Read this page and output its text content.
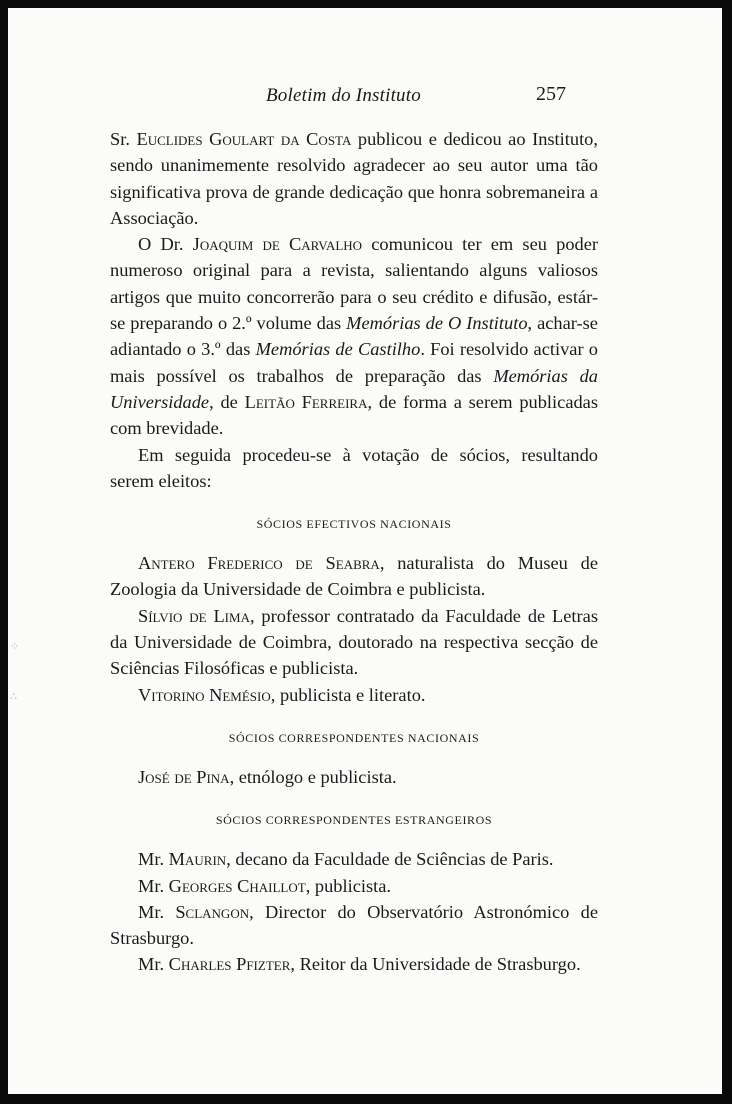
Boletim do Instituto	257
⁘
∴

Sr. Euclides Goulart da Costa publicou e dedicou ao Instituto, sendo unanimemente resolvido agradecer ao seu autor uma tão significativa prova de grande dedicação que honra sobremaneira a Associação.

O Dr. Joaquim de Carvalho comunicou ter em seu poder numeroso original para a revista, salientando alguns valiosos artigos que muito concorrerão para o seu crédito e difusão, estár-se preparando o 2.º volume das Memórias de O Instituto, achar-se adiantado o 3.º das Memórias de Castilho. Foi resolvido activar o mais possível os trabalhos de preparação das Memórias da Universidade, de Leitão Ferreira, de forma a serem publicadas com brevidade.

Em seguida procedeu-se à votação de sócios, resultando serem eleitos:

SÓCIOS EFECTIVOS NACIONAIS

Antero Frederico de Seabra, naturalista do Museu de Zoologia da Universidade de Coimbra e publicista.

Sílvio de Lima, professor contratado da Faculdade de Letras da Universidade de Coimbra, doutorado na respectiva secção de Sciências Filosóficas e publicista.

Vitorino Nemésio, publicista e literato.

SÓCIOS CORRESPONDENTES NACIONAIS

José de Pina, etnólogo e publicista.

SÓCIOS CORRESPONDENTES ESTRANGEIROS

Mr. Maurin, decano da Faculdade de Sciências de Paris.

Mr. Georges Chaillot, publicista.

Mr. Sclangon, Director do Observatório Astronómico de Strasburgo.

Mr. Charles Pfizter, Reitor da Universidade de Strasburgo.
